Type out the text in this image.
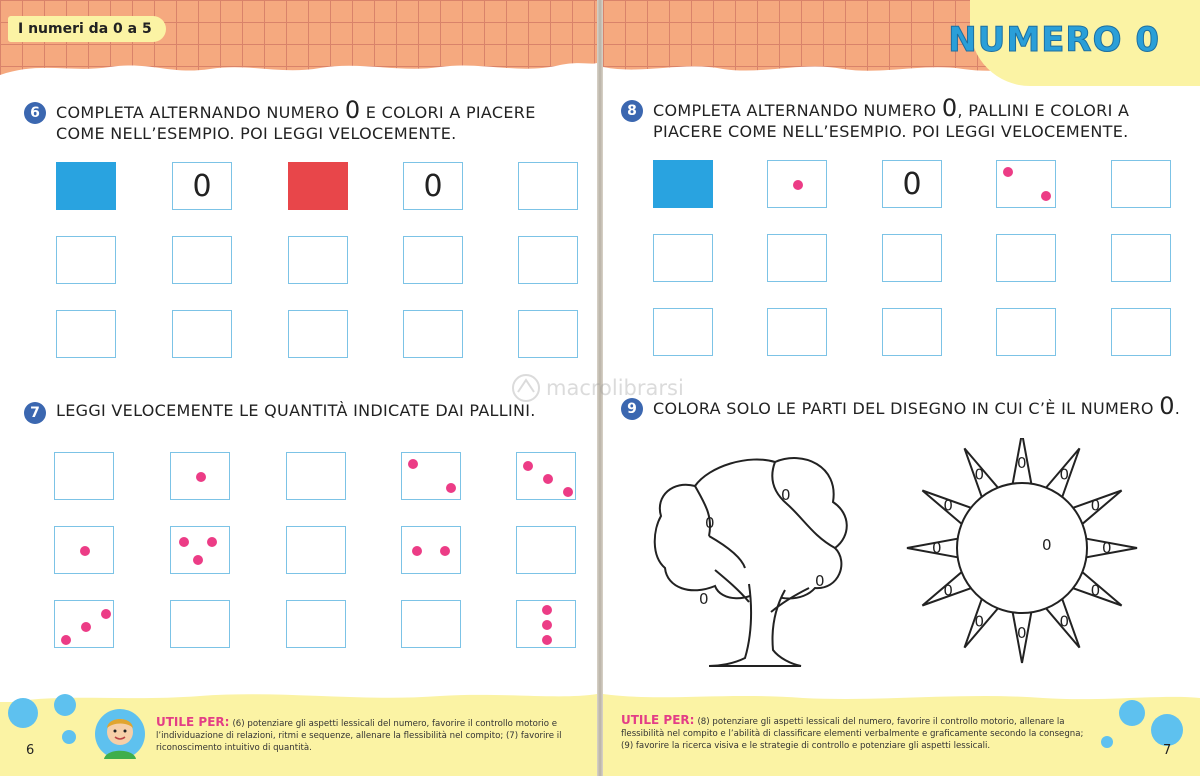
I numeri da 0 a 5
6	COMPLETA ALTERNANDO NUMERO 0 E COLORI A PIACERE
COME NELL’ESEMPIO. POI LEGGI VELOCEMENTE.
0	0
7	LEGGI VELOCEMENTE LE QUANTITÀ INDICATE DAI PALLINI.
6
UTILE PER: (6) potenziare gli aspetti lessicali del numero, favorire il controllo motorio e l’individuazione di relazioni, ritmi e sequenze, allenare la flessibilità nel compito; (7) favorire il riconoscimento intuitivo di quantità.
NUMERO 0
8	COMPLETA ALTERNANDO NUMERO 0, PALLINI E COLORI A
PIACERE COME NELL’ESEMPIO. POI LEGGI VELOCEMENTE.
0
9	COLORA SOLO LE PARTI DEL DISEGNO IN CUI C’È IL NUMERO 0.
0
0
0
0
0
0
0
0
0
0
0
0
0
0
0
0
0
7
UTILE PER: (8) potenziare gli aspetti lessicali del numero, favorire il controllo motorio, allenare la flessibilità nel compito e l’abilità di classificare elementi verbalmente e graficamente secondo la consegna; (9) favorire la ricerca visiva e le strategie di controllo e potenziare gli aspetti lessicali.
macrolibrarsi
